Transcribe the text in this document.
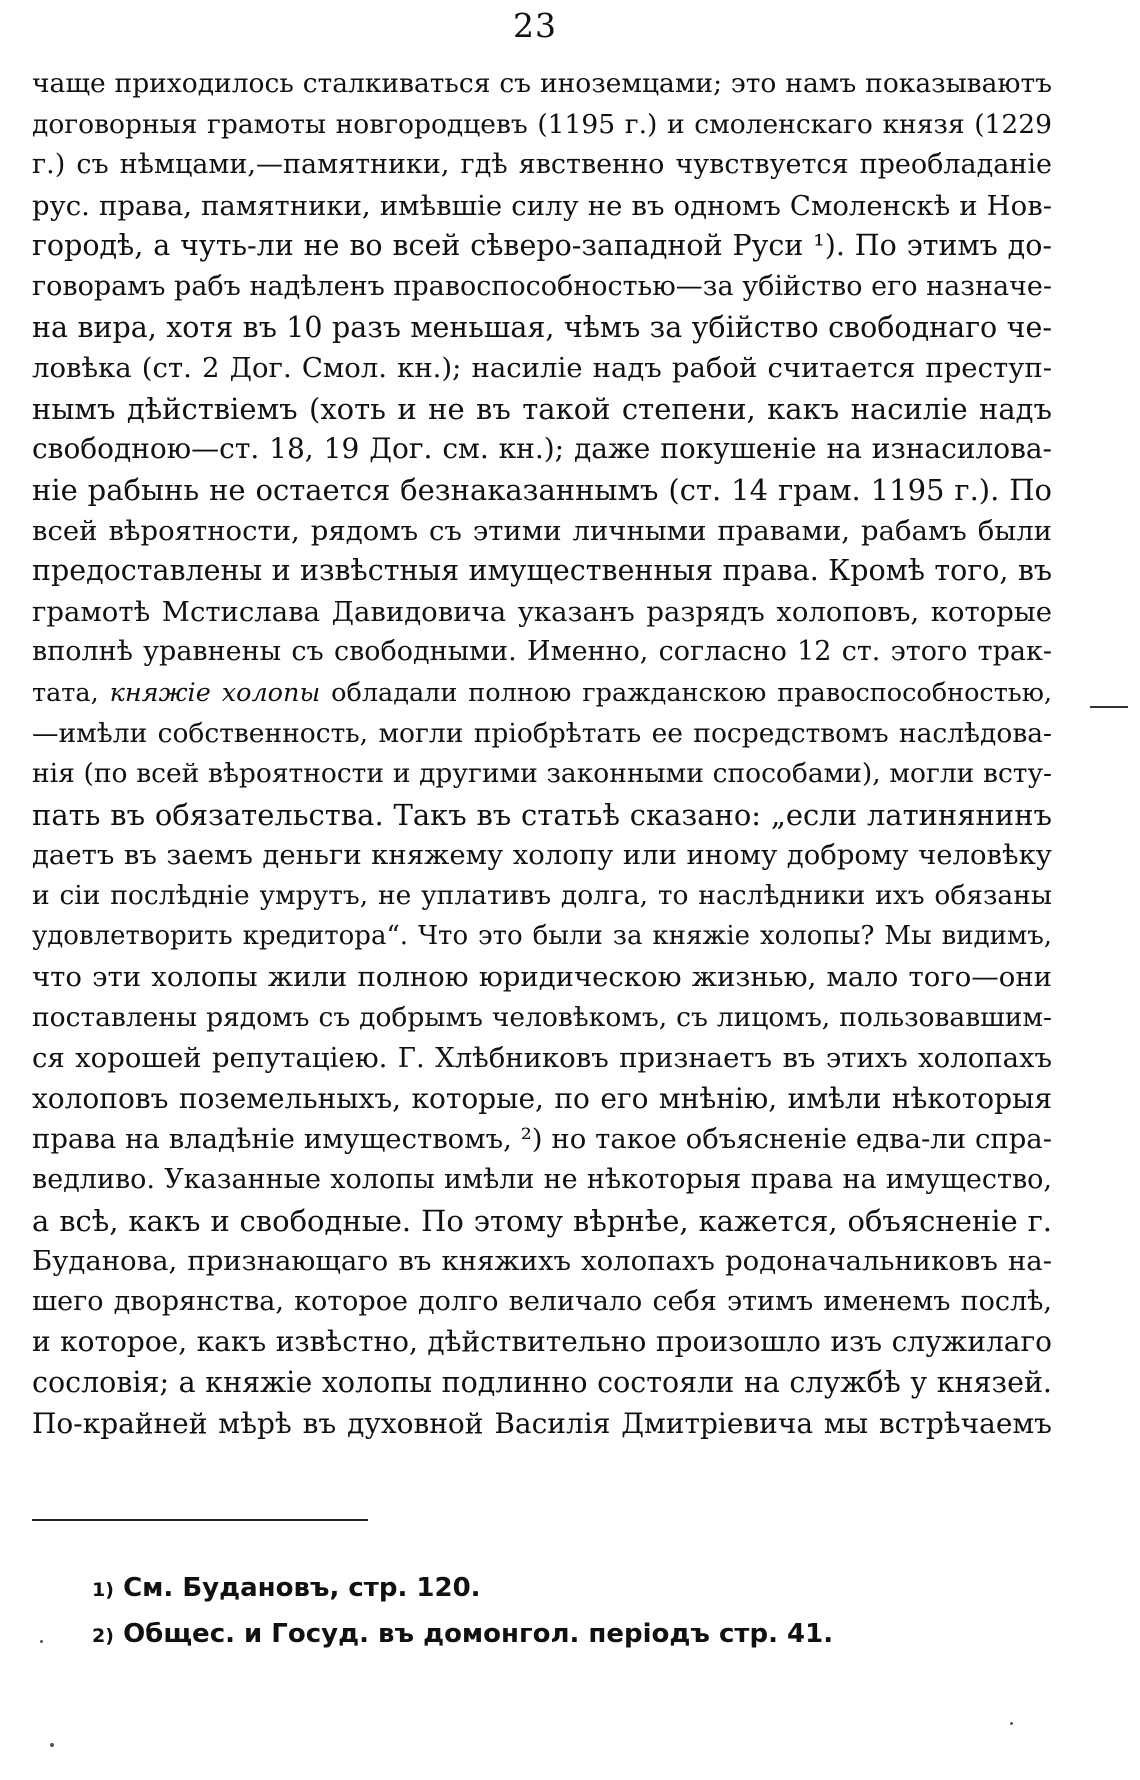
23
чаще приходилось сталкиваться съ иноземцами; это намъ показываютъ
договорныя грамоты новгородцевъ (1195 г.) и смоленскаго князя (1229
г.) съ нѣмцами,—памятники, гдѣ явственно чувствуется преобладанiе
рус. права, памятники, имѣвшiе силу не въ одномъ Смоленскѣ и Нов-
городѣ, а чуть-ли не во всей сѣверо-западной Руси ¹). По этимъ до-
говорамъ рабъ надѣленъ правоспособностью—за убiйство его назначе-
на вира, хотя въ 10 разъ меньшая, чѣмъ за убiйство свободнаго че-
ловѣка (ст. 2 Дог. Смол. кн.); насилiе надъ рабой считается преступ-
нымъ дѣйствiемъ (хоть и не въ такой степени, какъ насилiе надъ
свободною—ст. 18, 19 Дог. см. кн.); даже покушенiе на изнасилова-
нiе рабынь не остается безнаказаннымъ (ст. 14 грам. 1195 г.). По
всей вѣроятности, рядомъ съ этими личными правами, рабамъ были
предоставлены и извѣстныя имущественныя права. Кромѣ того, въ
грамотѣ Мстислава Давидовича указанъ разрядъ холоповъ, которые
вполнѣ уравнены съ свободными. Именно, согласно 12 ст. этого трак-
тата, княжiе холопы обладали полною гражданскою правоспособностью,
—имѣли собственность, могли прiобрѣтать ее посредствомъ наслѣдова-
нiя (по всей вѣроятности и другими законными способами), могли всту-
пать въ обязательства. Такъ въ статьѣ сказано: „если латинянинъ
даетъ въ заемъ деньги княжему холопу или иному доброму человѣку
и сiи послѣднiе умрутъ, не уплативъ долга, то наслѣдники ихъ обязаны
удовлетворить кредитора“. Что это были за княжiе холопы? Мы видимъ,
что эти холопы жили полною юридическою жизнью, мало того—они
поставлены рядомъ съ добрымъ человѣкомъ, съ лицомъ, пользовавшим-
ся хорошей репутацiею. Г. Хлѣбниковъ признаетъ въ этихъ холопахъ
холоповъ поземельныхъ, которые, по его мнѣнiю, имѣли нѣкоторыя
права на владѣнiе имуществомъ, ²) но такое объясненiе едва-ли спра-
ведливо. Указанные холопы имѣли не нѣкоторыя права на имущество,
а всѣ, какъ и свободные. По этому вѣрнѣе, кажется, объясненiе г.
Буданова, признающаго въ княжихъ холопахъ родоначальниковъ на-
шего дворянства, которое долго величало себя этимъ именемъ послѣ,
и которое, какъ извѣстно, дѣйствительно произошло изъ служилаго
сословiя; а княжiе холопы подлинно состояли на службѣ у князей.
По-крайней мѣрѣ въ духовной Василiя Дмитрiевича мы встрѣчаемъ
1) См. Будановъ, стр. 120.
2) Общес. и Госуд. въ домонгол. перiодъ стр. 41.
